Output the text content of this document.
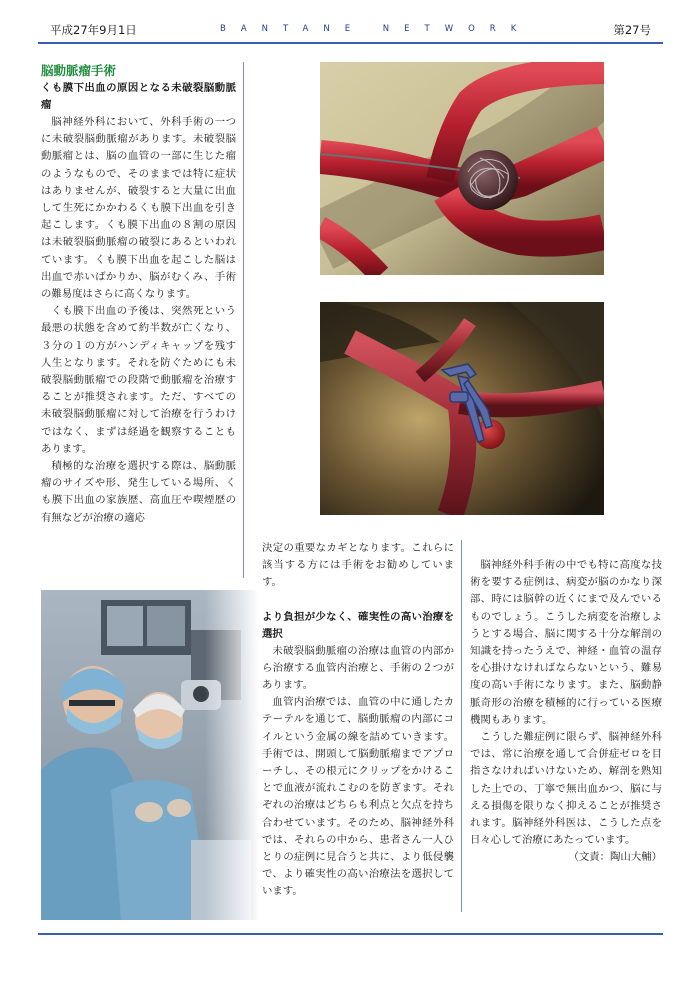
平成27年9月1日	BANTANE NETWORK	第27号
脳動脈瘤手術
くも膜下出血の原因となる未破裂脳動脈瘤

脳神経外科において、外科手術の一つに未破裂脳動脈瘤があります。未破裂脳動脈瘤とは、脳の血管の一部に生じた瘤のようなもので、そのままでは特に症状はありませんが、破裂すると大量に出血して生死にかかわるくも膜下出血を引き起こします。くも膜下出血の８割の原因は未破裂脳動脈瘤の破裂にあるといわれています。くも膜下出血を起こした脳は出血で赤いばかりか、脳がむくみ、手術の難易度はさらに高くなります。

くも膜下出血の予後は、突然死という最悪の状態を含めて約半数が亡くなり、３分の１の方がハンディキャップを残す人生となります。それを防ぐためにも未破裂脳動脈瘤での段階で動脈瘤を治療することが推奨されます。ただ、すべての未破裂脳動脈瘤に対して治療を行うわけではなく、まずは経過を観察することもあります。

積極的な治療を選択する際は、脳動脈瘤のサイズや形、発生している場所、くも膜下出血の家族歴、高血圧や喫煙歴の有無などが治療の適応

決定の重要なカギとなります。これらに該当する方には手術をお勧めしています。

より負担が少なく、確実性の高い治療を選択

未破裂脳動脈瘤の治療は血管の内部から治療する血管内治療と、手術の２つがあります。

血管内治療では、血管の中に通したカテーテルを通じて、脳動脈瘤の内部にコイルという金属の線を詰めていきます。手術では、開頭して脳動脈瘤までアプローチし、その根元にクリップをかけることで血液が流れこむのを防ぎます。それぞれの治療はどちらも利点と欠点を持ち合わせています。そのため、脳神経外科では、それらの中から、患者さん一人ひとりの症例に見合うと共に、より低侵襲で、より確実性の高い治療法を選択しています。

脳神経外科手術の中でも特に高度な技術を要する症例は、病変が脳のかなり深部、時には脳幹の近くにまで及んでいるものでしょう。こうした病変を治療しようとする場合、脳に関する十分な解剖の知識を持ったうえで、神経・血管の温存を心掛けなければならないという、難易度の高い手術になります。また、脳動静脈奇形の治療を積極的に行っている医療機関もあります。

こうした難症例に限らず、脳神経外科では、常に治療を通して合併症ゼロを目指さなければいけないため、解剖を熟知した上での、丁寧で無出血かつ、脳に与える損傷を限りなく抑えることが推奨されます。脳神経外科医は、こうした点を日々心して治療にあたっています。

（文責：陶山大輔）
